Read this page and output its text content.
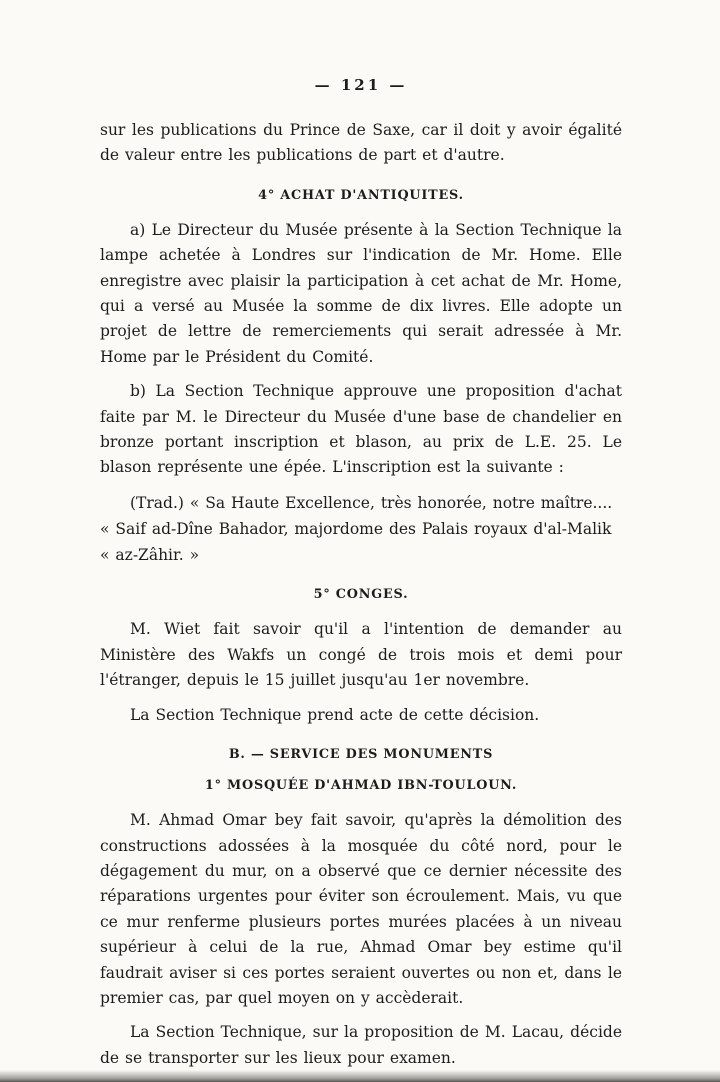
— 121 —

sur les publications du Prince de Saxe, car il doit y avoir égalité de valeur entre les publications de part et d'autre.

4° ACHAT D'ANTIQUITES.

a) Le Directeur du Musée présente à la Section Technique la lampe achetée à Londres sur l'indication de Mr. Home. Elle enregistre avec plaisir la participation à cet achat de Mr. Home, qui a versé au Musée la somme de dix livres. Elle adopte un projet de lettre de remerciements qui serait adressée à Mr. Home par le Président du Comité.

b) La Section Technique approuve une proposition d'achat faite par M. le Directeur du Musée d'une base de chandelier en bronze portant inscription et blason, au prix de L.E. 25. Le blason représente une épée. L'inscription est la suivante :

(Trad.) « Sa Haute Excellence, très honorée, notre maître....
« Saif ad-Dîne Bahador, majordome des Palais royaux d'al-Malik
« az-Zâhir. »
5° CONGES.

M. Wiet fait savoir qu'il a l'intention de demander au Ministère des Wakfs un congé de trois mois et demi pour l'étranger, depuis le 15 juillet jusqu'au 1er novembre.

La Section Technique prend acte de cette décision.

B. — SERVICE DES MONUMENTS
1° MOSQUÉE D'AHMAD IBN-TOULOUN.

M. Ahmad Omar bey fait savoir, qu'après la démolition des constructions adossées à la mosquée du côté nord, pour le dégagement du mur, on a observé que ce dernier nécessite des réparations urgentes pour éviter son écroulement. Mais, vu que ce mur renferme plusieurs portes murées placées à un niveau supérieur à celui de la rue, Ahmad Omar bey estime qu'il faudrait aviser si ces portes seraient ouvertes ou non et, dans le premier cas, par quel moyen on y accèderait.

La Section Technique, sur la proposition de M. Lacau, décide de se transporter sur les lieux pour examen.
